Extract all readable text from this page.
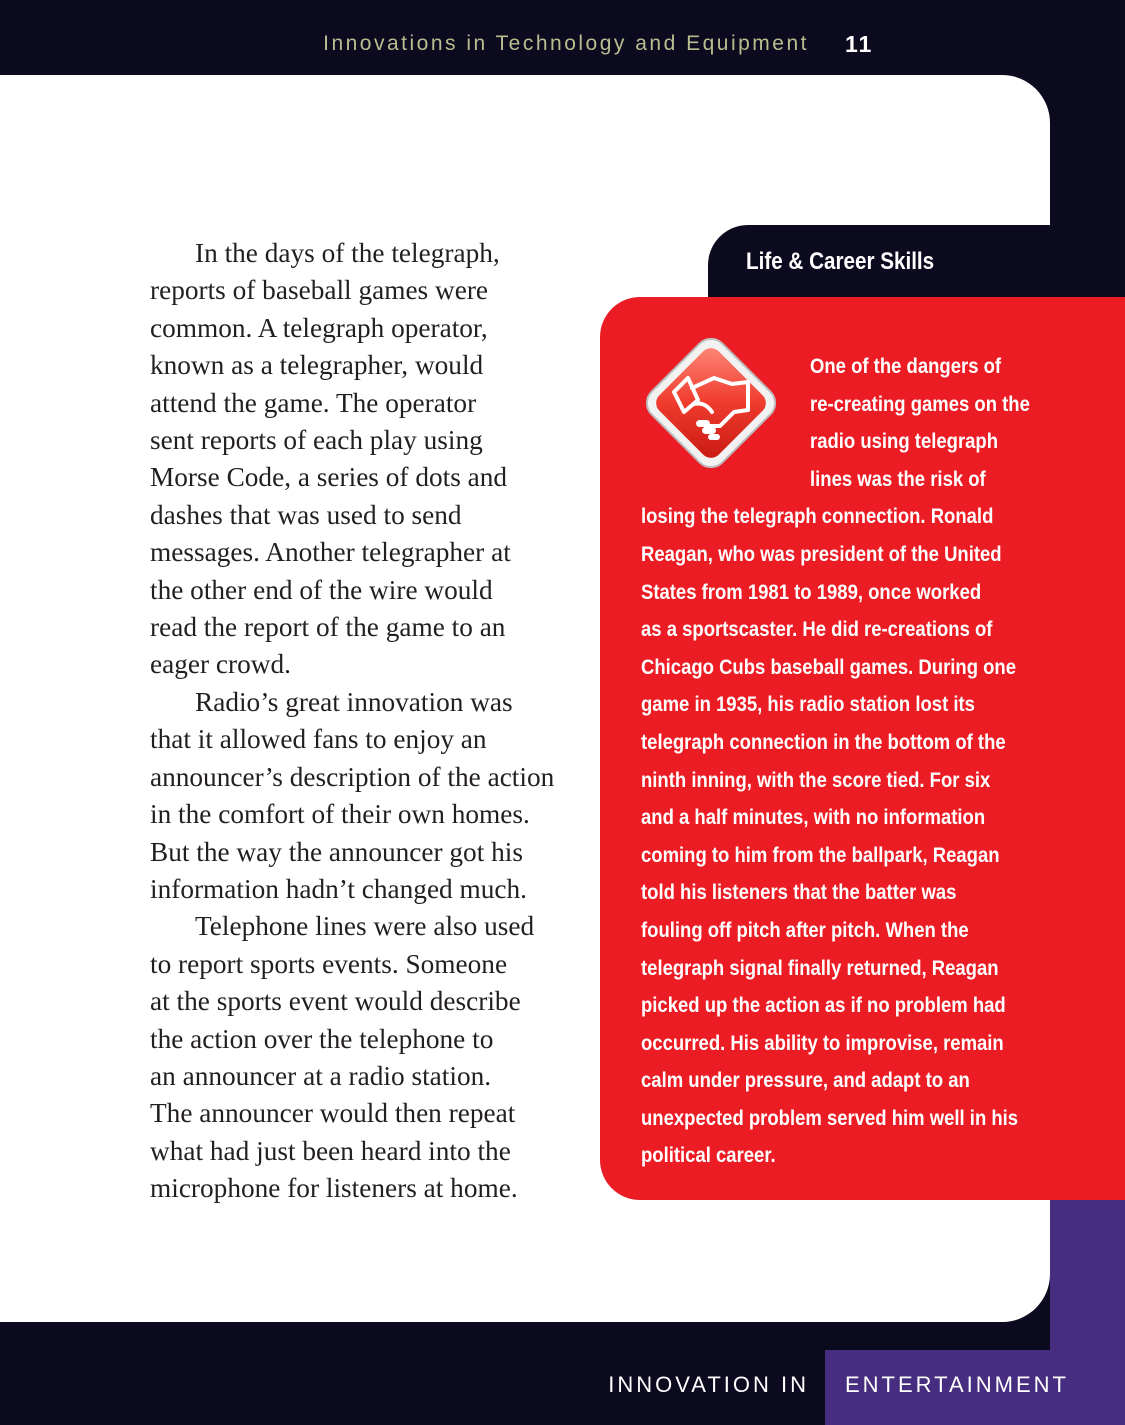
Innovations in Technology and Equipment 11
In the days of the telegraph,
reports of baseball games were
common. A telegraph operator,
known as a telegrapher, would
attend the game. The operator
sent reports of each play using
Morse Code, a series of dots and
dashes that was used to send
messages. Another telegrapher at
the other end of the wire would
read the report of the game to an
eager crowd.
Radio’s great innovation was
that it allowed fans to enjoy an
announcer’s description of the action
in the comfort of their own homes.
But the way the announcer got his
information hadn’t changed much.
Telephone lines were also used
to report sports events. Someone
at the sports event would describe
the action over the telephone to
an announcer at a radio station.
The announcer would then repeat
what had just been heard into the
microphone for listeners at home.
Life & Career Skills
One of the dangers of
re-creating games on the
radio using telegraph
lines was the risk of
losing the telegraph connection. Ronald
Reagan, who was president of the United
States from 1981 to 1989, once worked
as a sportscaster. He did re-creations of
Chicago Cubs baseball games. During one
game in 1935, his radio station lost its
telegraph connection in the bottom of the
ninth inning, with the score tied. For six
and a half minutes, with no information
coming to him from the ballpark, Reagan
told his listeners that the batter was
fouling off pitch after pitch. When the
telegraph signal finally returned, Reagan
picked up the action as if no problem had
occurred. His ability to improvise, remain
calm under pressure, and adapt to an
unexpected problem served him well in his
political career.
INNOVATION IN ENTERTAINMENT
